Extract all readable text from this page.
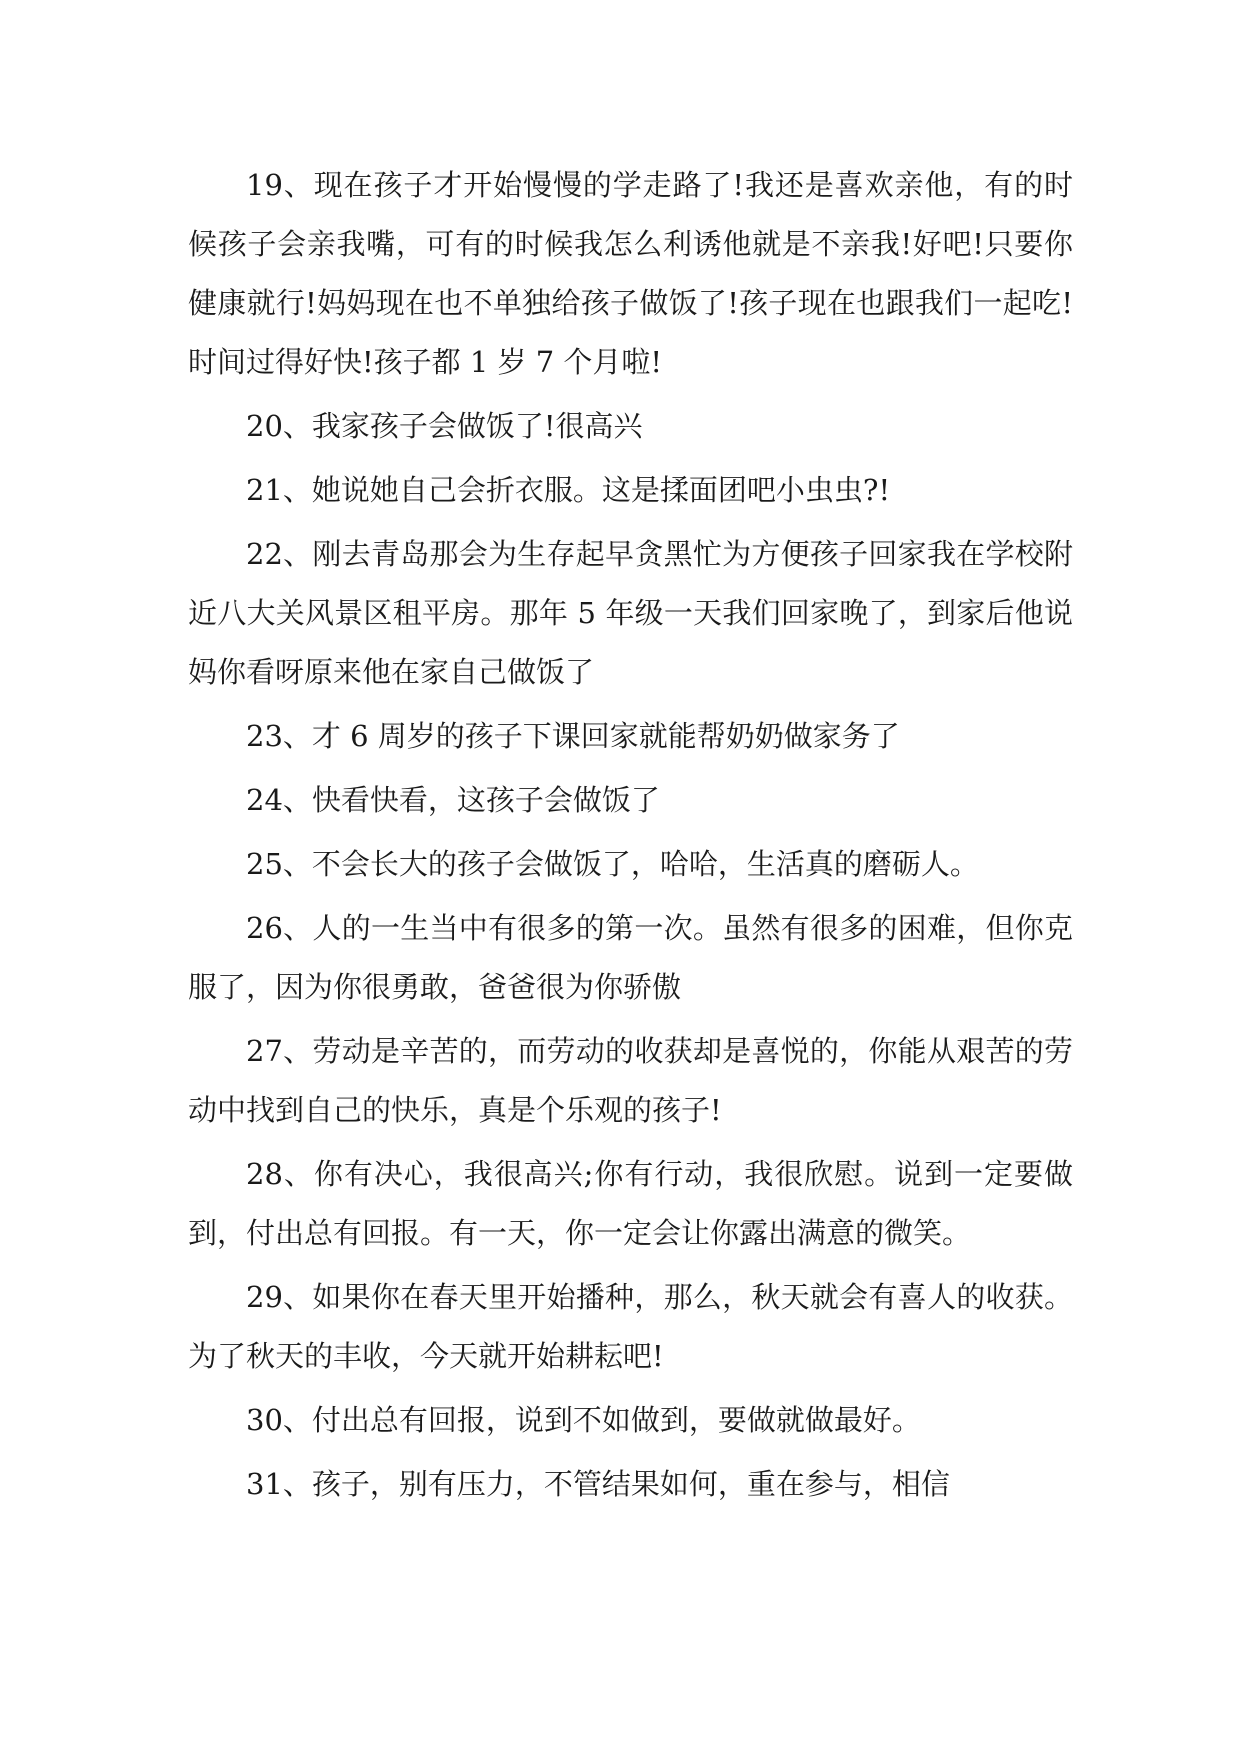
19、现在孩子才开始慢慢的学走路了!我还是喜欢亲他，有的时候孩子会亲我嘴，可有的时候我怎么利诱他就是不亲我!好吧!只要你健康就行!妈妈现在也不单独给孩子做饭了!孩子现在也跟我们一起吃!时间过得好快!孩子都 1 岁 7 个月啦!

20、我家孩子会做饭了!很高兴

21、她说她自己会折衣服。这是揉面团吧小虫虫?!

22、刚去青岛那会为生存起早贪黑忙为方便孩子回家我在学校附近八大关风景区租平房。那年 5 年级一天我们回家晚了，到家后他说妈你看呀原来他在家自己做饭了

23、才 6 周岁的孩子下课回家就能帮奶奶做家务了

24、快看快看，这孩子会做饭了

25、不会长大的孩子会做饭了，哈哈，生活真的磨砺人。

26、人的一生当中有很多的第一次。虽然有很多的困难，但你克服了，因为你很勇敢，爸爸很为你骄傲

27、劳动是辛苦的，而劳动的收获却是喜悦的，你能从艰苦的劳动中找到自己的快乐，真是个乐观的孩子!

28、你有决心，我很高兴;你有行动，我很欣慰。说到一定要做到，付出总有回报。有一天，你一定会让你露出满意的微笑。

29、如果你在春天里开始播种，那么，秋天就会有喜人的收获。为了秋天的丰收，今天就开始耕耘吧!

30、付出总有回报，说到不如做到，要做就做最好。

31、孩子，别有压力，不管结果如何，重在参与，相信
